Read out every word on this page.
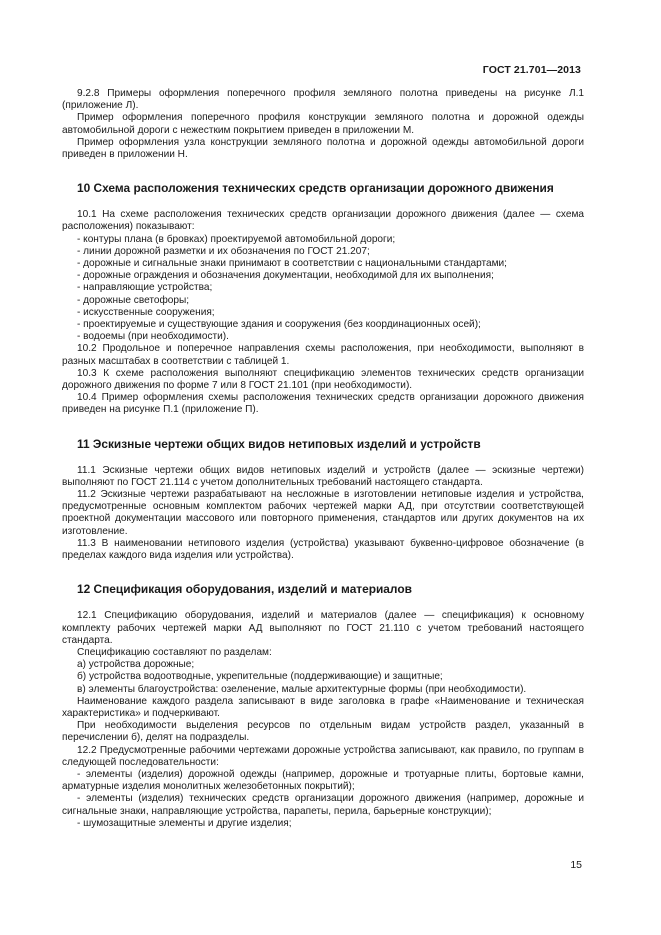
ГОСТ 21.701—2013

9.2.8 Примеры оформления поперечного профиля земляного полотна приведены на рисунке Л.1 (приложение Л).

Пример оформления поперечного профиля конструкции земляного полотна и дорожной одежды автомобильной дороги с нежестким покрытием приведен в приложении М.

Пример оформления узла конструкции земляного полотна и дорожной одежды автомобильной дороги приведен в приложении Н.

10 Схема расположения технических средств организации дорожного движения

10.1 На схеме расположения технических средств организации дорожного движения (далее — схема расположения) показывают:

- контуры плана (в бровках) проектируемой автомобильной дороги;

- линии дорожной разметки и их обозначения по ГОСТ 21.207;

- дорожные и сигнальные знаки принимают в соответствии с национальными стандартами;

- дорожные ограждения и обозначения документации, необходимой для их выполнения;

- направляющие устройства;

- дорожные светофоры;

- искусственные сооружения;

- проектируемые и существующие здания и сооружения (без координационных осей);

- водоемы (при необходимости).

10.2 Продольное и поперечное направления схемы расположения, при необходимости, выполняют в разных масштабах в соответствии с таблицей 1.

10.3 К схеме расположения выполняют спецификацию элементов технических средств организации дорожного движения по форме 7 или 8 ГОСТ 21.101 (при необходимости).

10.4 Пример оформления схемы расположения технических средств организации дорожного движения приведен на рисунке П.1 (приложение П).

11 Эскизные чертежи общих видов нетиповых изделий и устройств

11.1 Эскизные чертежи общих видов нетиповых изделий и устройств (далее — эскизные чертежи) выполняют по ГОСТ 21.114 с учетом дополнительных требований настоящего стандарта.

11.2 Эскизные чертежи разрабатывают на несложные в изготовлении нетиповые изделия и устройства, предусмотренные основным комплектом рабочих чертежей марки АД, при отсутствии соответствующей проектной документации массового или повторного применения, стандартов или других документов на их изготовление.

11.3 В наименовании нетипового изделия (устройства) указывают буквенно-цифровое обозначение (в пределах каждого вида изделия или устройства).

12 Спецификация оборудования, изделий и материалов

12.1 Спецификацию оборудования, изделий и материалов (далее — спецификация) к основному комплекту рабочих чертежей марки АД выполняют по ГОСТ 21.110 с учетом требований настоящего стандарта.

Спецификацию составляют по разделам:

а) устройства дорожные;

б) устройства водоотводные, укрепительные (поддерживающие) и защитные;

в) элементы благоустройства: озеленение, малые архитектурные формы (при необходимости).

Наименование каждого раздела записывают в виде заголовка в графе «Наименование и техническая характеристика» и подчеркивают.

При необходимости выделения ресурсов по отдельным видам устройств раздел, указанный в перечислении б), делят на подразделы.

12.2 Предусмотренные рабочими чертежами дорожные устройства записывают, как правило, по группам в следующей последовательности:

- элементы (изделия) дорожной одежды (например, дорожные и тротуарные плиты, бортовые камни, арматурные изделия монолитных железобетонных покрытий);

- элементы (изделия) технических средств организации дорожного движения (например, дорожные и сигнальные знаки, направляющие устройства, парапеты, перила, барьерные конструкции);

- шумозащитные элементы и другие изделия;

15
